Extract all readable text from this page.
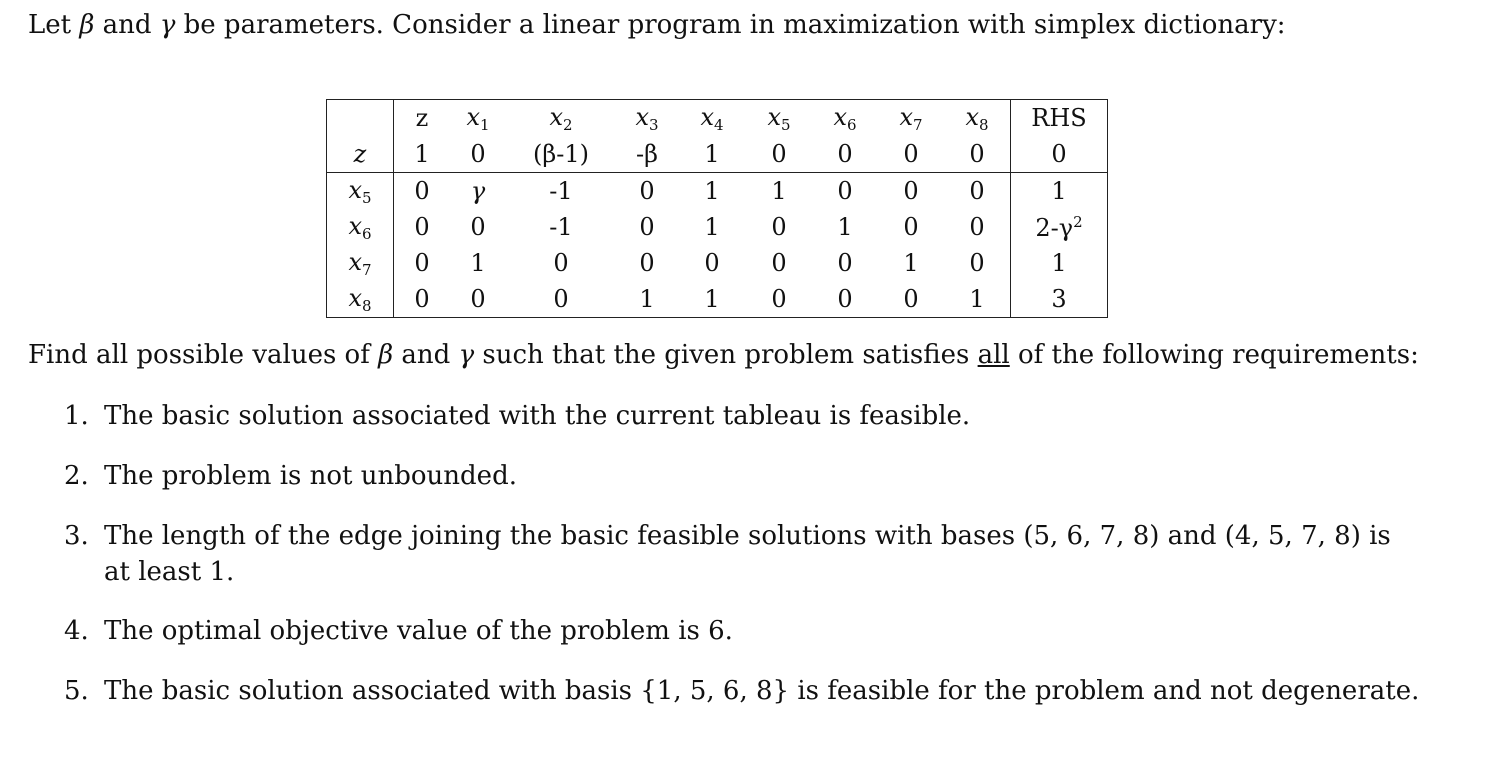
Let β and γ be parameters. Consider a linear program in maximization with simplex dictionary:
	z	$x_1$	$x_2$	$x_3$	$x_4$	$x_5$	$x_6$	$x_7$	$x_8$	RHS
z	1	0	(β-1)	-β	1	0	0	0	0	0
$x_5$	0	γ	-1	0	1	1	0	0	0	1
$x_6$	0	0	-1	0	1	0	1	0	0	$2-\gamma^2$
$x_7$	0	1	0	0	0	0	0	1	0	1
$x_8$	0	0	0	1	1	0	0	0	1	3
Find all possible values of β and γ such that the given problem satisfies all of the following requirements:
1. The basic solution associated with the current tableau is feasible.
2. The problem is not unbounded.
3. The length of the edge joining the basic feasible solutions with bases (5, 6, 7, 8) and (4, 5, 7, 8) is at least 1.
4. The optimal objective value of the problem is 6.
5. The basic solution associated with basis {1, 5, 6, 8} is feasible for the problem and not degenerate.
